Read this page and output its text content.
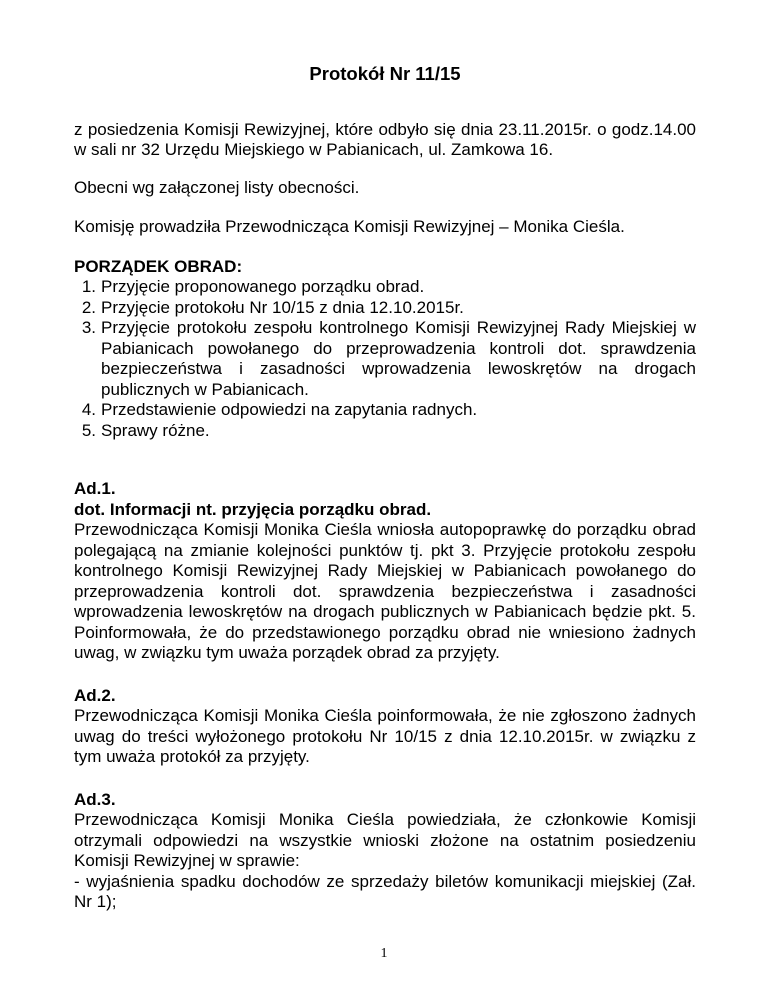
Protokół Nr 11/15

z posiedzenia Komisji Rewizyjnej, które odbyło się dnia 23.11.2015r. o godz.14.00 w sali nr 32 Urzędu Miejskiego w Pabianicach, ul. Zamkowa 16.

Obecni wg załączonej listy obecności.

Komisję prowadziła Przewodnicząca Komisji Rewizyjnej – Monika Cieśla.

PORZĄDEK OBRAD:
1. Przyjęcie proponowanego porządku obrad.
2. Przyjęcie protokołu Nr 10/15 z dnia 12.10.2015r.
3. Przyjęcie protokołu zespołu kontrolnego Komisji Rewizyjnej Rady Miejskiej w Pabianicach powołanego do przeprowadzenia kontroli dot. sprawdzenia bezpieczeństwa i zasadności wprowadzenia lewoskrętów na drogach publicznych w Pabianicach.
4. Przedstawienie odpowiedzi na zapytania radnych.
5. Sprawy różne.
Ad.1.
dot. Informacji nt. przyjęcia porządku obrad.

Przewodnicząca Komisji Monika Cieśla wniosła autopoprawkę do porządku obrad polegającą na zmianie kolejności punktów tj. pkt 3. Przyjęcie protokołu zespołu kontrolnego Komisji Rewizyjnej Rady Miejskiej w Pabianicach powołanego do przeprowadzenia kontroli dot. sprawdzenia bezpieczeństwa i zasadności wprowadzenia lewoskrętów na drogach publicznych w Pabianicach będzie pkt. 5. Poinformowała, że do przedstawionego porządku obrad nie wniesiono żadnych uwag, w związku tym uważa porządek obrad za przyjęty.

Ad.2.

Przewodnicząca Komisji Monika Cieśla poinformowała, że nie zgłoszono żadnych uwag do treści wyłożonego protokołu Nr 10/15 z dnia 12.10.2015r. w związku z tym uważa protokół za przyjęty.

Ad.3.

Przewodnicząca Komisji Monika Cieśla powiedziała, że członkowie Komisji otrzymali odpowiedzi na wszystkie wnioski złożone na ostatnim posiedzeniu Komisji Rewizyjnej w sprawie:

- wyjaśnienia spadku dochodów ze sprzedaży biletów komunikacji miejskiej (Zał. Nr 1);

1
